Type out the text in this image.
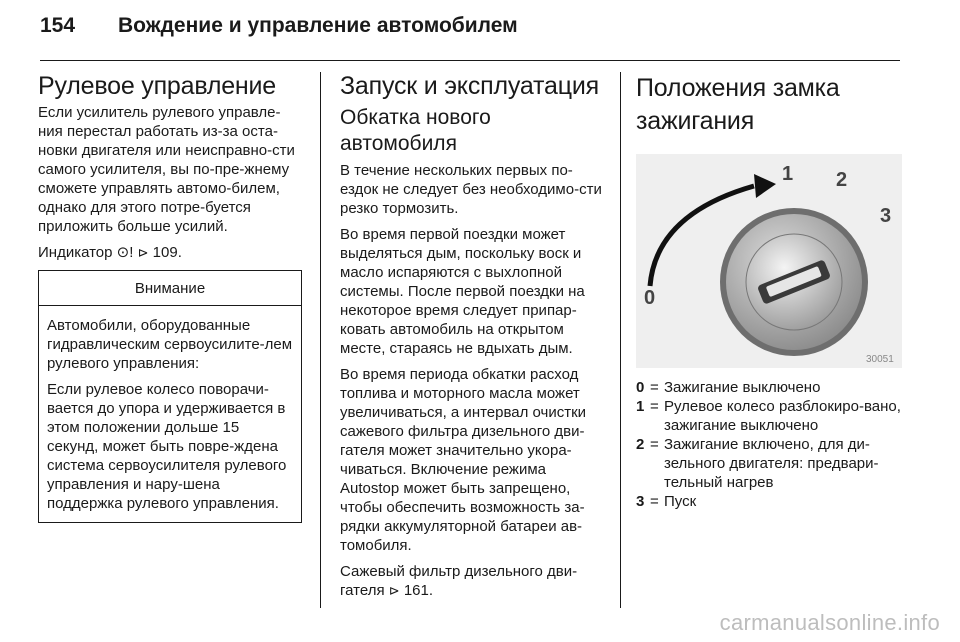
154	Вождение и управление автомобилем
Рулевое управление

Если усилитель рулевого управле-ния перестал работать из-за оста-новки двигателя или неисправно-сти самого усилителя, вы по-пре-жнему сможете управлять автомо-билем, однако для этого потре-буется приложить больше усилий.

Индикатор ⊙! ⊳ 109.

Внимание

Автомобили, оборудованные гидравлическим сервоусилите-лем рулевого управления:

Если рулевое колесо поворачи-вается до упора и удерживается в этом положении дольше 15 секунд, может быть повре-ждена система сервоусилителя рулевого управления и нару-шена поддержка рулевого управления.

Запуск и эксплуатация
Обкатка нового автомобиля

В течение нескольких первых по-ездок не следует без необходимо-сти резко тормозить.

Во время первой поездки может выделяться дым, поскольку воск и масло испаряются с выхлопной системы. После первой поездки на некоторое время следует припар-ковать автомобиль на открытом месте, стараясь не вдыхать дым.

Во время периода обкатки расход топлива и моторного масла может увеличиваться, а интервал очистки сажевого фильтра дизельного дви-гателя может значительно укора-чиваться. Включение режима Autostop может быть запрещено, чтобы обеспечить возможность за-рядки аккумуляторной батареи ав-томобиля.

Сажевый фильтр дизельного дви-гателя ⊳ 161.

Положения замка зажигания
0
1 2
3
30051
0 = Зажигание выключено
1 = Рулевое колесо разблокиро-вано, зажигание выключено
2 = Зажигание включено, для ди-зельного двигателя: предвари-тельный нагрев
3 = Пуск
carmanualsonline.info
